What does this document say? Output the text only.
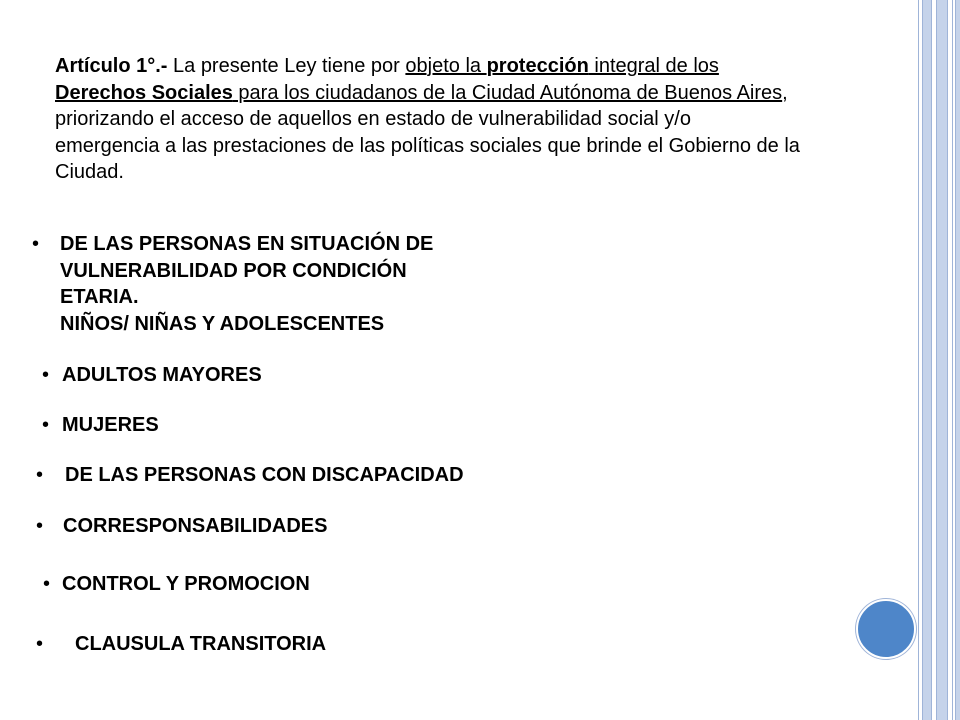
Artículo 1°.- La presente Ley tiene por objeto la protección integral de los Derechos Sociales para los ciudadanos de la Ciudad Autónoma de Buenos Aires, priorizando el acceso de aquellos en estado de vulnerabilidad social y/o emergencia a las prestaciones de las políticas sociales que brinde el Gobierno de la Ciudad.
• DE LAS PERSONAS EN SITUACIÓN DE
VULNERABILIDAD POR CONDICIÓN
ETARIA.
NIÑOS/ NIÑAS Y ADOLESCENTES
• ADULTOS MAYORES
• MUJERES
• DE LAS PERSONAS CON DISCAPACIDAD
• CORRESPONSABILIDADES
• CONTROL Y PROMOCION
• CLAUSULA TRANSITORIA
